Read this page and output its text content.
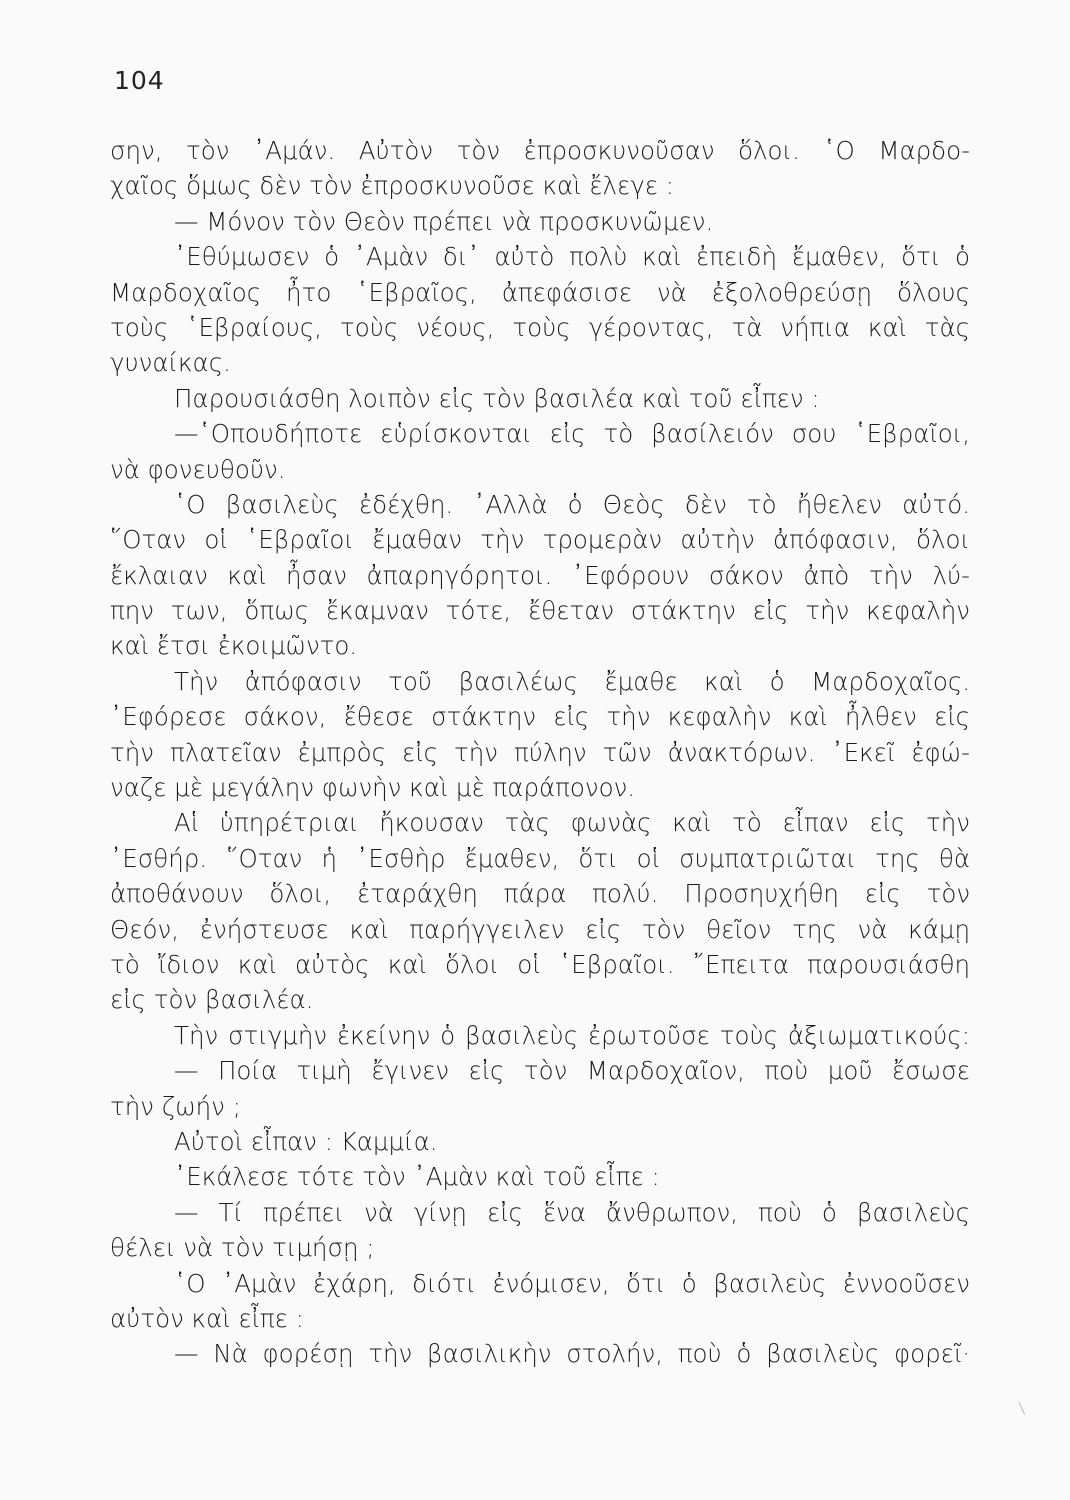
104
σην, τὸν ᾿Αμάν. Αὐτὸν τὸν ἐπροσκυνοῦσαν ὅλοι. ῾Ο Μαρδο-
χαῖος ὅμως δὲν τὸν ἐπροσκυνοῦσε καὶ ἔλεγε :
— Μόνον τὸν Θεὸν πρέπει νὰ προσκυνῶμεν.
᾿Εθύμωσεν ὁ ᾿Αμὰν δι᾿ αὐτὸ πολὺ καὶ ἐπειδὴ ἔμαθεν, ὅτι ὁ
Μαρδοχαῖος ἦτο ῾Εβραῖος, ἀπεφάσισε νὰ ἐξολοθρεύσῃ ὅλους
τοὺς ῾Εβραίους, τοὺς νέους, τοὺς γέροντας, τὰ νήπια καὶ τὰς
γυναίκας.
Παρουσιάσθη λοιπὸν εἰς τὸν βασιλέα καὶ τοῦ εἶπεν :
—῾Οπουδήποτε εὑρίσκονται εἰς τὸ βασίλειόν σου ῾Εβραῖοι,
νὰ φονευθοῦν.
῾Ο βασιλεὺς ἐδέχθη. ᾿Αλλὰ ὁ Θεὸς δὲν τὸ ἤθελεν αὐτό.
῞Οταν οἱ ῾Εβραῖοι ἔμαθαν τὴν τρομερὰν αὐτὴν ἀπόφασιν, ὅλοι
ἔκλαιαν καὶ ἦσαν ἀπαρηγόρητοι. ᾿Εφόρουν σάκον ἀπὸ τὴν λύ-
πην των, ὅπως ἔκαμναν τότε, ἔθεταν στάκτην εἰς τὴν κεφαλὴν
καὶ ἔτσι ἐκοιμῶντο.
Τὴν ἀπόφασιν τοῦ βασιλέως ἔμαθε καὶ ὁ Μαρδοχαῖος.
᾿Εφόρεσε σάκον, ἔθεσε στάκτην εἰς τὴν κεφαλὴν καὶ ἦλθεν εἰς
τὴν πλατεῖαν ἐμπρὸς εἰς τὴν πύλην τῶν ἀνακτόρων. ᾿Εκεῖ ἐφώ-
ναζε μὲ μεγάλην φωνὴν καὶ μὲ παράπονον.
Αἱ ὑπηρέτριαι ἤκουσαν τὰς φωνὰς καὶ τὸ εἶπαν εἰς τὴν
᾿Εσθήρ. ῞Οταν ἡ ᾿Εσθὴρ ἔμαθεν, ὅτι οἱ συμπατριῶται της θὰ
ἀποθάνουν ὅλοι, ἐταράχθη πάρα πολύ. Προσηυχήθη εἰς τὸν
Θεόν, ἐνήστευσε καὶ παρήγγειλεν εἰς τὸν θεῖον της νὰ κάμῃ
τὸ ἴδιον καὶ αὐτὸς καὶ ὅλοι οἱ ῾Εβραῖοι. ῎Επειτα παρουσιάσθη
εἰς τὸν βασιλέα.
Τὴν στιγμὴν ἐκείνην ὁ βασιλεὺς ἐρωτοῦσε τοὺς ἀξιωματικούς:
— Ποία τιμὴ ἔγινεν εἰς τὸν Μαρδοχαῖον, ποὺ μοῦ ἔσωσε
τὴν ζωήν ;
Αὐτοὶ εἶπαν : Καμμία.
᾿Εκάλεσε τότε τὸν ᾿Αμὰν καὶ τοῦ εἶπε :
— Τί πρέπει νὰ γίνῃ εἰς ἕνα ἄνθρωπον, ποὺ ὁ βασιλεὺς
θέλει νὰ τὸν τιμήσῃ ;
῾Ο ᾿Αμὰν ἐχάρη, διότι ἐνόμισεν, ὅτι ὁ βασιλεὺς ἐννοοῦσεν
αὐτὸν καὶ εἶπε :
— Νὰ φορέσῃ τὴν βασιλικὴν στολήν, ποὺ ὁ βασιλεὺς φορεῖ·
